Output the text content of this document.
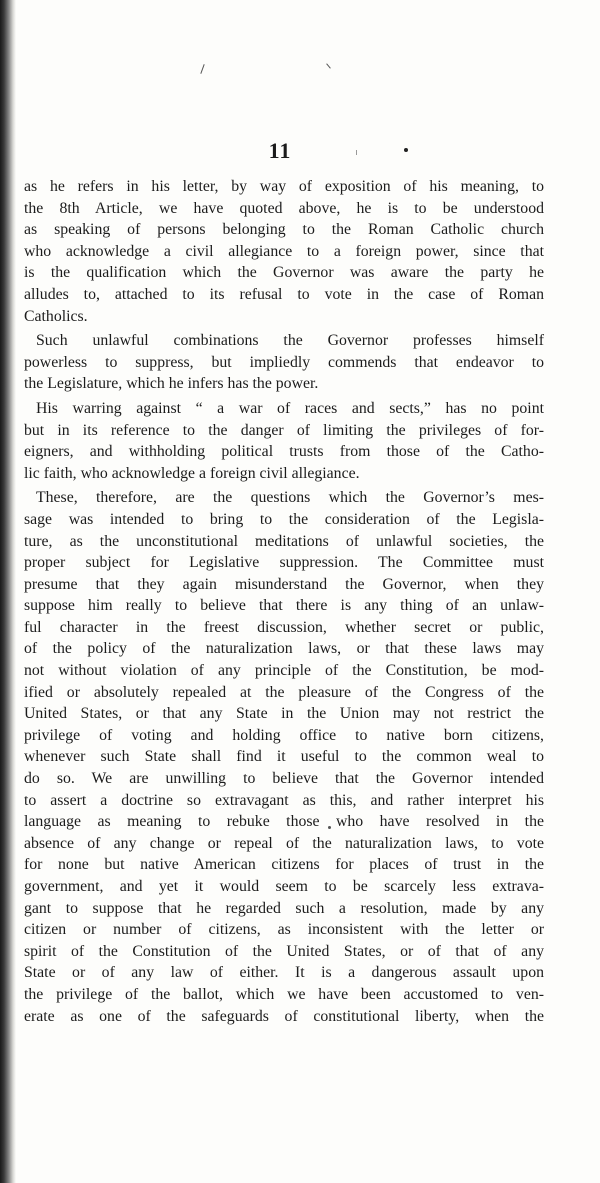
11
as he refers in his letter, by way of exposition of his meaning, to
the 8th Article, we have quoted above, he is to be understood
as speaking of persons belonging to the Roman Catholic church
who acknowledge a civil allegiance to a foreign power, since that
is the qualification which the Governor was aware the party he
alludes to, attached to its refusal to vote in the case of Roman
Catholics.
Such unlawful combinations the Governor professes himself
powerless to suppress, but impliedly commends that endeavor to
the Legislature, which he infers has the power.
His warring against “ a war of races and sects,” has no point
but in its reference to the danger of limiting the privileges of for-
eigners, and withholding political trusts from those of the Catho-
lic faith, who acknowledge a foreign civil allegiance.
These, therefore, are the questions which the Governor’s mes-
sage was intended to bring to the consideration of the Legisla-
ture, as the unconstitutional meditations of unlawful societies, the
proper subject for Legislative suppression. The Committee must
presume that they again misunderstand the Governor, when they
suppose him really to believe that there is any thing of an unlaw-
ful character in the freest discussion, whether secret or public,
of the policy of the naturalization laws, or that these laws may
not without violation of any principle of the Constitution, be mod-
ified or absolutely repealed at the pleasure of the Congress of the
United States, or that any State in the Union may not restrict the
privilege of voting and holding office to native born citizens,
whenever such State shall find it useful to the common weal to
do so. We are unwilling to believe that the Governor intended
to assert a doctrine so extravagant as this, and rather interpret his
language as meaning to rebuke those who have resolved in the
absence of any change or repeal of the naturalization laws, to vote
for none but native American citizens for places of trust in the
government, and yet it would seem to be scarcely less extrava-
gant to suppose that he regarded such a resolution, made by any
citizen or number of citizens, as inconsistent with the letter or
spirit of the Constitution of the United States, or of that of any
State or of any law of either. It is a dangerous assault upon
the privilege of the ballot, which we have been accustomed to ven-
erate as one of the safeguards of constitutional liberty, when the
